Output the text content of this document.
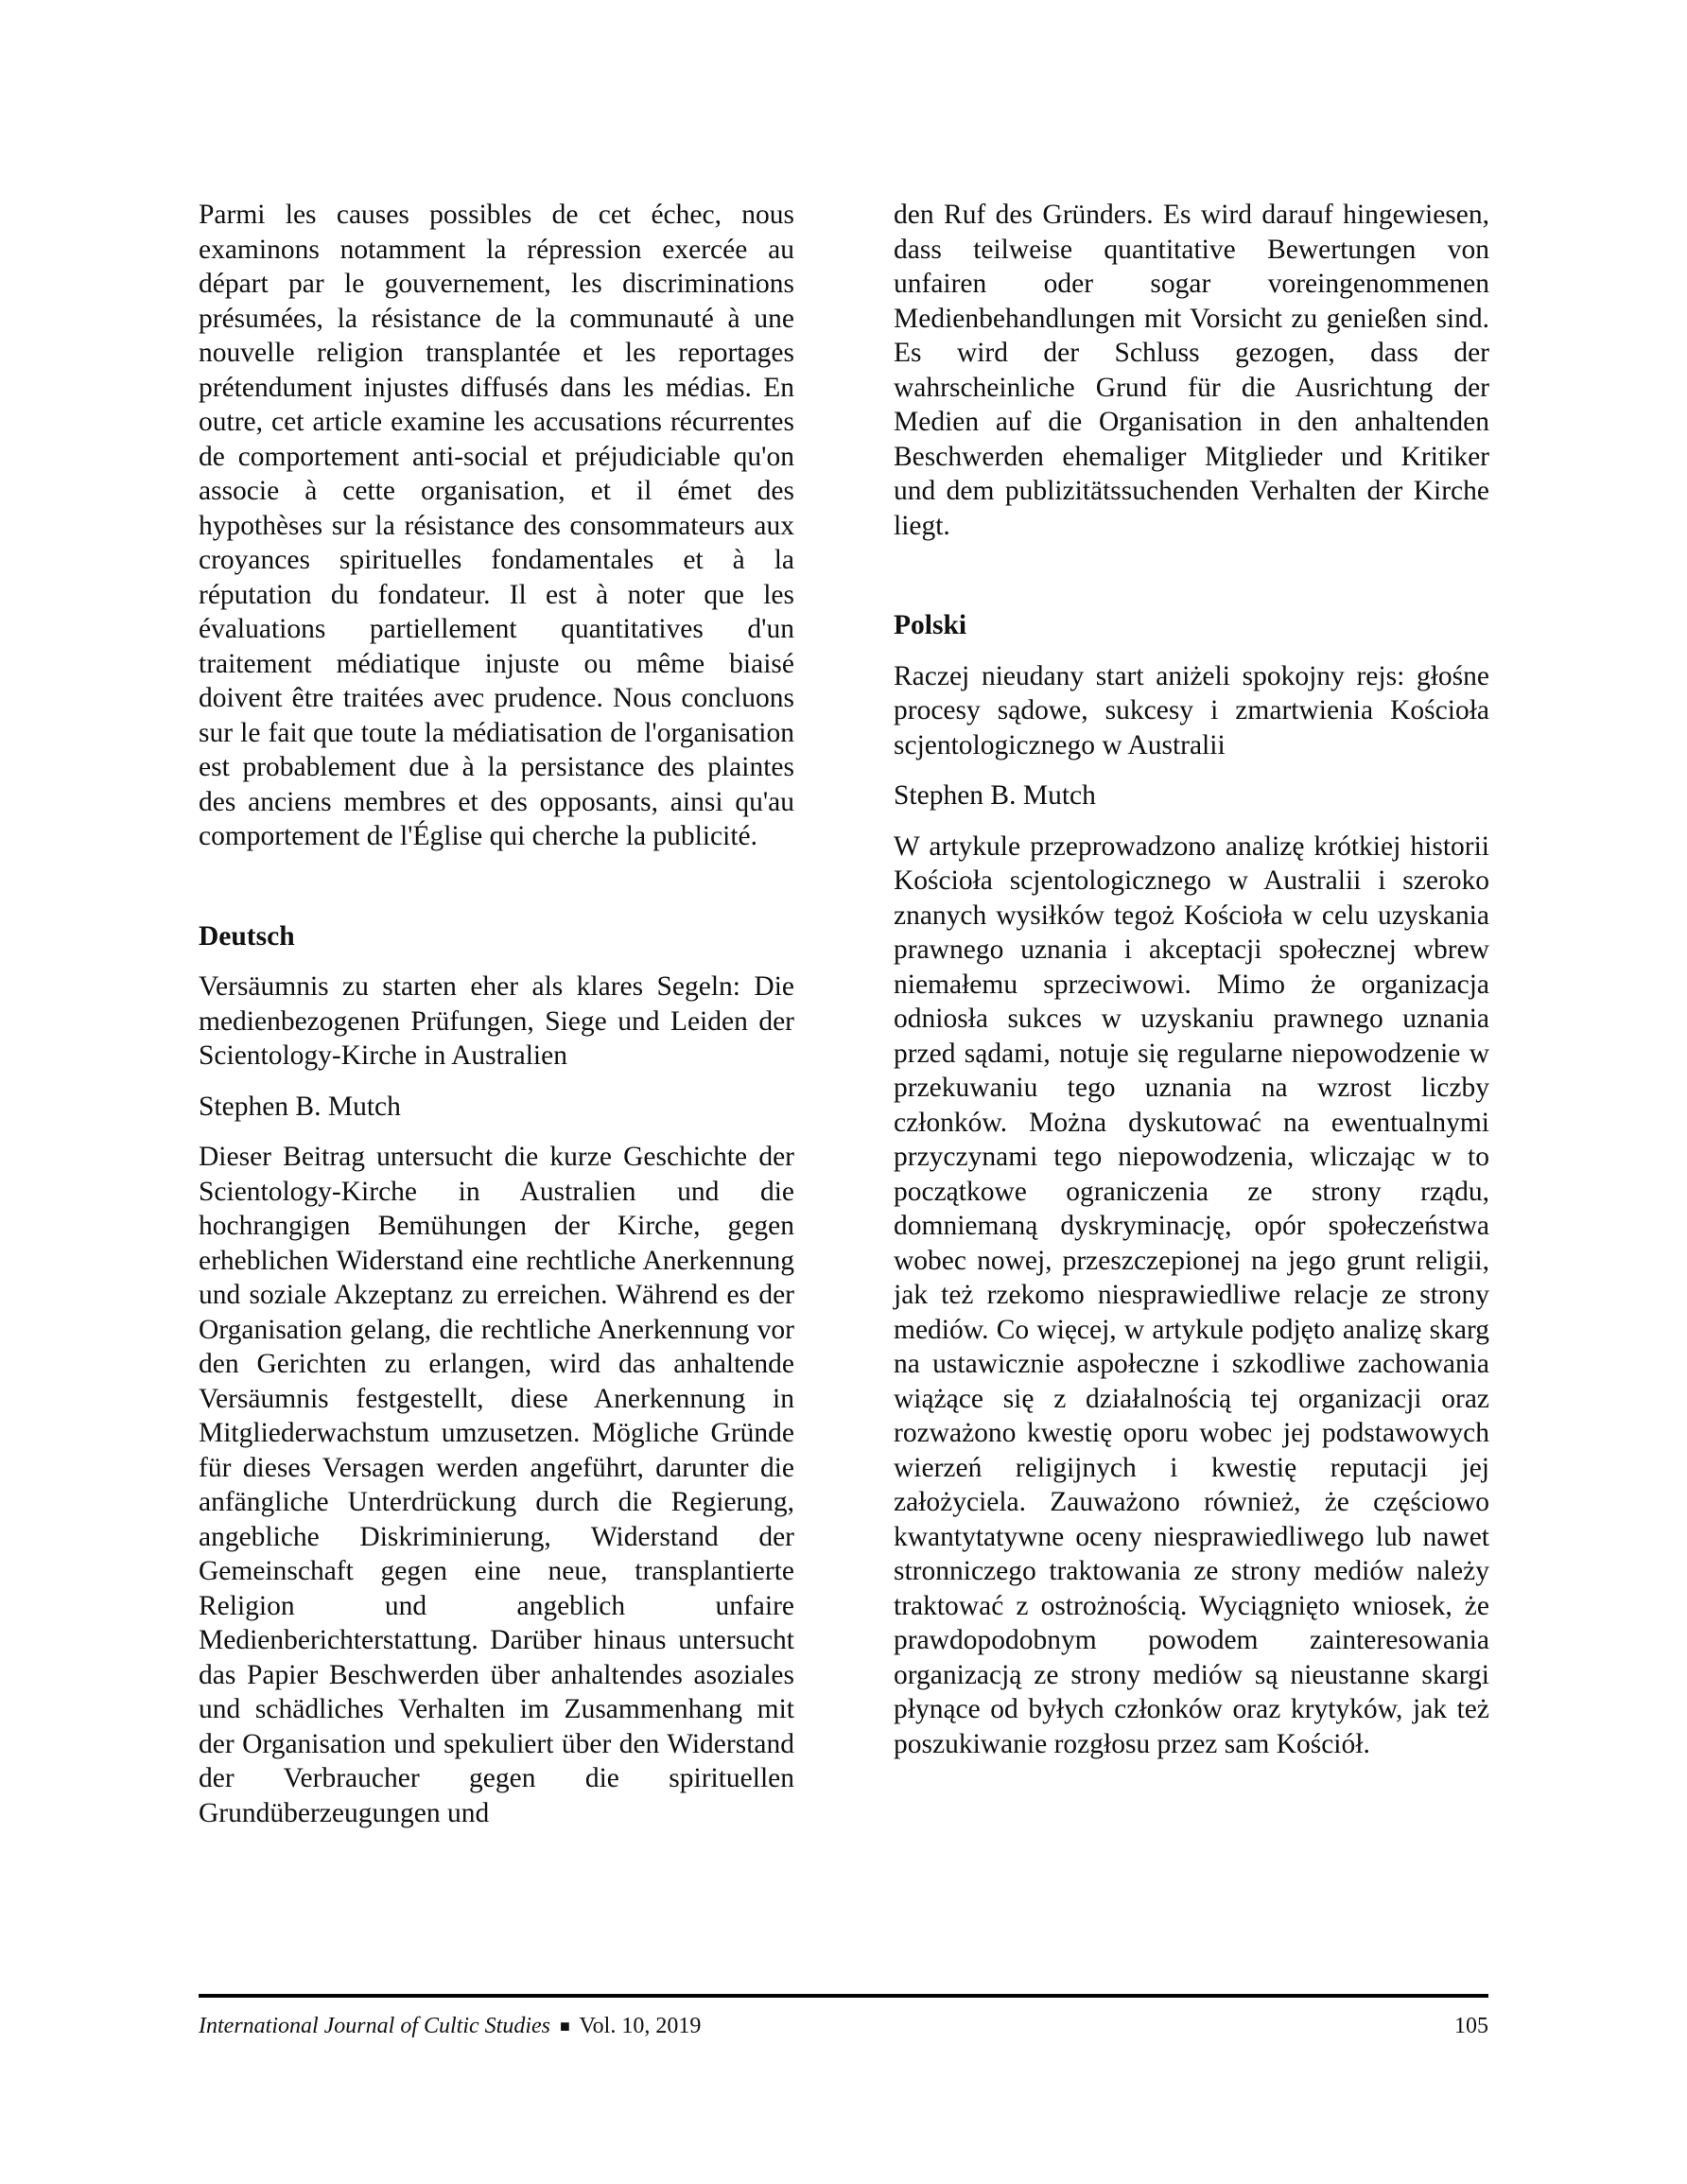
Parmi les causes possibles de cet échec, nous examinons notamment la répression exercée au départ par le gouvernement, les discriminations présumées, la résistance de la communauté à une nouvelle religion transplantée et les reportages prétendument injustes diffusés dans les médias. En outre, cet article examine les accusations récurrentes de comportement anti-social et préjudiciable qu'on associe à cette organisation, et il émet des hypothèses sur la résistance des consommateurs aux croyances spirituelles fondamentales et à la réputation du fondateur. Il est à noter que les évaluations partiellement quantitatives d'un traitement médiatique injuste ou même biaisé doivent être traitées avec prudence. Nous concluons sur le fait que toute la médiatisation de l'organisation est probablement due à la persistance des plaintes des anciens membres et des opposants, ainsi qu'au comportement de l'Église qui cherche la publicité.

Deutsch

Versäumnis zu starten eher als klares Segeln: Die medienbezogenen Prüfungen, Siege und Leiden der Scientology-Kirche in Australien

Stephen B. Mutch

Dieser Beitrag untersucht die kurze Geschichte der Scientology-Kirche in Australien und die hochrangigen Bemühungen der Kirche, gegen erheblichen Widerstand eine rechtliche Anerkennung und soziale Akzeptanz zu erreichen. Während es der Organisation gelang, die rechtliche Anerkennung vor den Gerichten zu erlangen, wird das anhaltende Versäumnis festgestellt, diese Anerkennung in Mitgliederwachstum umzusetzen. Mögliche Gründe für dieses Versagen werden angeführt, darunter die anfängliche Unterdrückung durch die Regierung, angebliche Diskriminierung, Widerstand der Gemeinschaft gegen eine neue, transplantierte Religion und angeblich unfaire Medienberichterstattung. Darüber hinaus untersucht das Papier Beschwerden über anhaltendes asoziales und schädliches Verhalten im Zusammenhang mit der Organisation und spekuliert über den Widerstand der Verbraucher gegen die spirituellen Grundüberzeugungen und

den Ruf des Gründers. Es wird darauf hingewiesen, dass teilweise quantitative Bewertungen von unfairen oder sogar voreingenommenen Medienbehandlungen mit Vorsicht zu genießen sind. Es wird der Schluss gezogen, dass der wahrscheinliche Grund für die Ausrichtung der Medien auf die Organisation in den anhaltenden Beschwerden ehemaliger Mitglieder und Kritiker und dem publizitätssuchenden Verhalten der Kirche liegt.

Polski

Raczej nieudany start aniżeli spokojny rejs: głośne procesy sądowe, sukcesy i zmartwienia Kościoła scjentologicznego w Australii

Stephen B. Mutch

W artykule przeprowadzono analizę krótkiej historii Kościoła scjentologicznego w Australii i szeroko znanych wysiłków tegoż Kościoła w celu uzyskania prawnego uznania i akceptacji społecznej wbrew niemałemu sprzeciwowi. Mimo że organizacja odniosła sukces w uzyskaniu prawnego uznania przed sądami, notuje się regularne niepowodzenie w przekuwaniu tego uznania na wzrost liczby członków. Można dyskutować na ewentualnymi przyczynami tego niepowodzenia, wliczając w to początkowe ograniczenia ze strony rządu, domniemaną dyskryminację, opór społeczeństwa wobec nowej, przeszczepionej na jego grunt religii, jak też rzekomo niesprawiedliwe relacje ze strony mediów. Co więcej, w artykule podjęto analizę skarg na ustawicznie aspołeczne i szkodliwe zachowania wiążące się z działalnością tej organizacji oraz rozważono kwestię oporu wobec jej podstawowych wierzeń religijnych i kwestię reputacji jej założyciela. Zauważono również, że częściowo kwantytatywne oceny niesprawiedliwego lub nawet stronniczego traktowania ze strony mediów należy traktować z ostrożnością. Wyciągnięto wniosek, że prawdopodobnym powodem zainteresowania organizacją ze strony mediów są nieustanne skargi płynące od byłych członków oraz krytyków, jak też poszukiwanie rozgłosu przez sam Kościół.

International Journal of Cultic Studies ■ Vol. 10, 2019	105
